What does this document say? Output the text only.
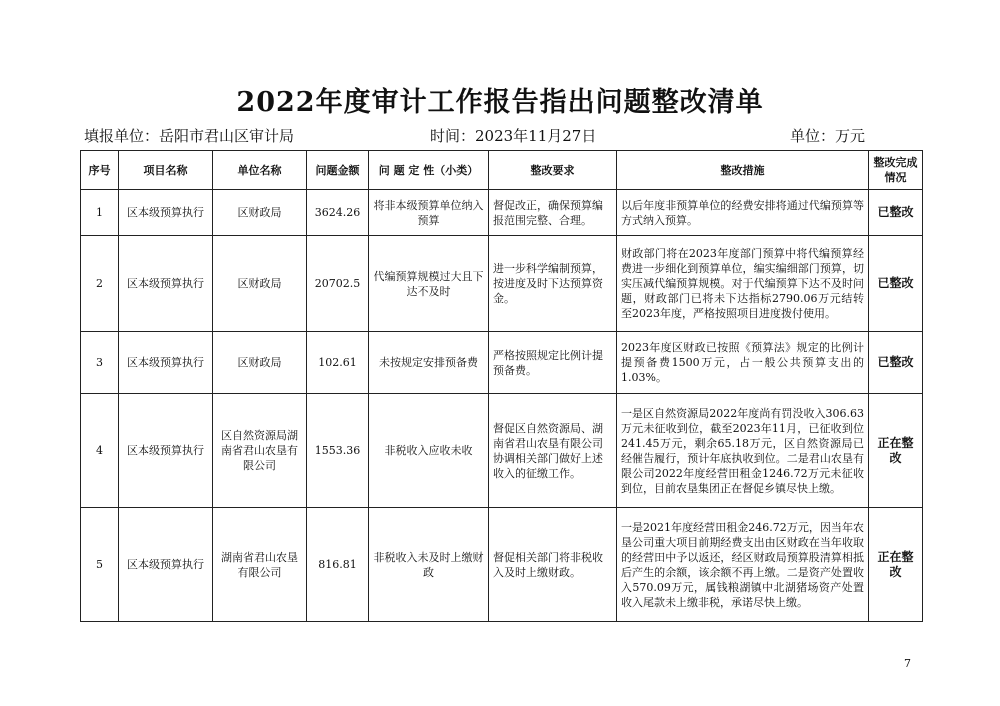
2022年度审计工作报告指出问题整改清单
填报单位：岳阳市君山区审计局	时间：2023年11月27日	单位：万元
序号	项目名称	单位名称	问题金额	问 题 定 性（小类）	整改要求	整改措施	整改完成情况
1	区本级预算执行	区财政局	3624.26	将非本级预算单位纳入预算	督促改正，确保预算编报范围完整、合理。	以后年度非预算单位的经费安排将通过代编预算等方式纳入预算。	已整改
2	区本级预算执行	区财政局	20702.5	代编预算规模过大且下达不及时	进一步科学编制预算，按进度及时下达预算资金。	财政部门将在2023年度部门预算中将代编预算经费进一步细化到预算单位，编实编细部门预算，切实压减代编预算规模。对于代编预算下达不及时问题，财政部门已将未下达指标2790.06万元结转至2023年度，严格按照项目进度拨付使用。	已整改
3	区本级预算执行	区财政局	102.61	未按规定安排预备费	严格按照规定比例计提预备费。	2023年度区财政已按照《预算法》规定的比例计提预备费1500万元，占一般公共预算支出的1.03%。	已整改
4	区本级预算执行	区自然资源局湖南省君山农垦有限公司	1553.36	非税收入应收未收	督促区自然资源局、湖南省君山农垦有限公司协调相关部门做好上述收入的征缴工作。	一是区自然资源局2022年度尚有罚没收入306.63万元未征收到位，截至2023年11月，已征收到位241.45万元，剩余65.18万元，区自然资源局已经催告履行，预计年底执收到位。二是君山农垦有限公司2022年度经营田租金1246.72万元未征收到位，目前农垦集团正在督促乡镇尽快上缴。	正在整改
5	区本级预算执行	湖南省君山农垦有限公司	816.81	非税收入未及时上缴财政	督促相关部门将非税收入及时上缴财政。	一是2021年度经营田租金246.72万元，因当年农垦公司重大项目前期经费支出由区财政在当年收取的经营田中予以返还，经区财政局预算股清算相抵后产生的余额，该余额不再上缴。二是资产处置收入570.09万元，属钱粮湖镇中北湖猪场资产处置收入尾款未上缴非税，承诺尽快上缴。	正在整改
7
